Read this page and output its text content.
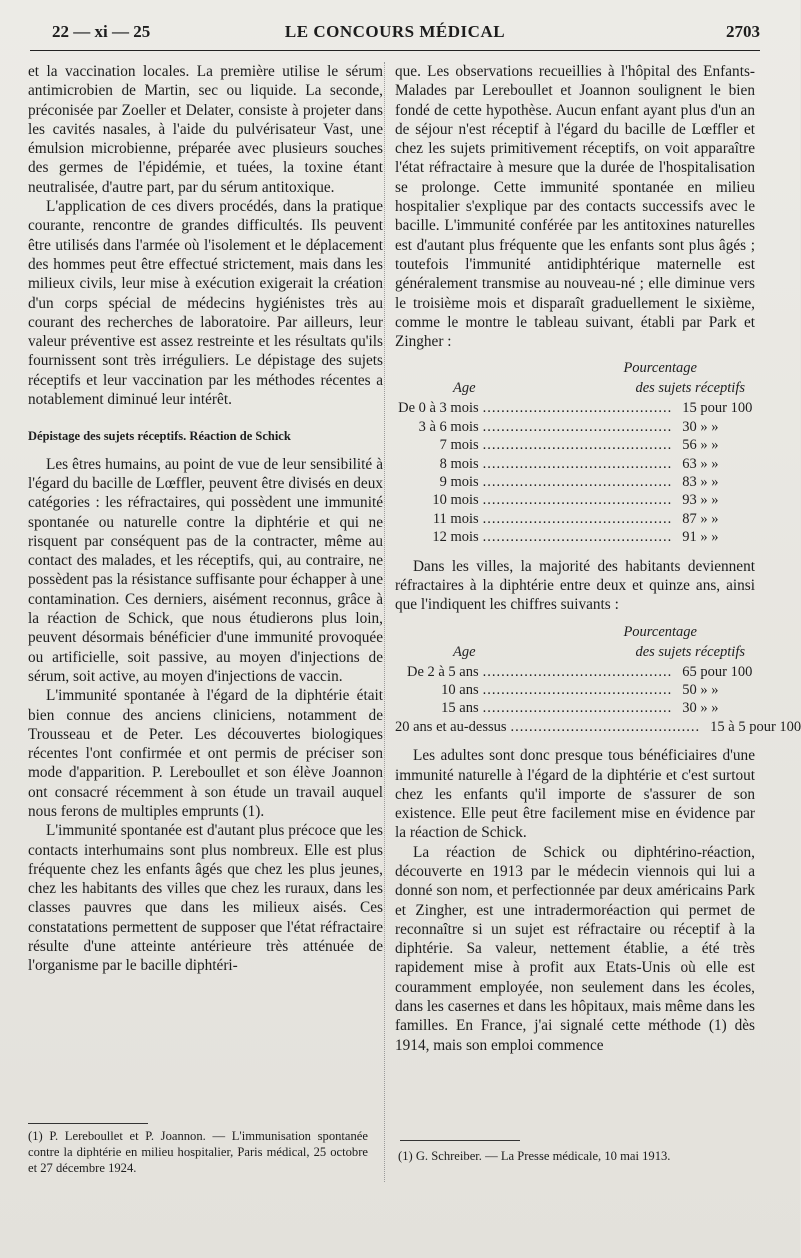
22 — xi — 25	LE CONCOURS MÉDICAL	2703

et la vaccination locales. La première utilise le sérum antimicrobien de Martin, sec ou liquide. La seconde, préconisée par Zoeller et Delater, consiste à projeter dans les cavités nasales, à l'aide du pulvérisateur Vast, une émulsion microbienne, préparée avec plusieurs souches des germes de l'épidémie, et tuées, la toxine étant neutralisée, d'autre part, par du sérum antitoxique.

L'application de ces divers procédés, dans la pratique courante, rencontre de grandes difficultés. Ils peuvent être utilisés dans l'armée où l'isolement et le déplacement des hommes peut être effectué strictement, mais dans les milieux civils, leur mise à exécution exigerait la création d'un corps spécial de médecins hygiénistes très au courant des recherches de laboratoire. Par ailleurs, leur valeur préventive est assez restreinte et les résultats qu'ils fournissent sont très irréguliers. Le dépistage des sujets réceptifs et leur vaccination par les méthodes récentes a notablement diminué leur intérêt.

Dépistage des sujets réceptifs. Réaction de Schick

Les êtres humains, au point de vue de leur sensibilité à l'égard du bacille de Lœffler, peuvent être divisés en deux catégories : les réfractaires, qui possèdent une immunité spontanée ou naturelle contre la diphtérie et qui ne risquent par conséquent pas de la contracter, même au contact des malades, et les réceptifs, qui, au contraire, ne possèdent pas la résistance suffisante pour échapper à une contamination. Ces derniers, aisément reconnus, grâce à la réaction de Schick, que nous étudierons plus loin, peuvent désormais bénéficier d'une immunité provoquée ou artificielle, soit passive, au moyen d'injections de sérum, soit active, au moyen d'injections de vaccin.

L'immunité spontanée à l'égard de la diphtérie était bien connue des anciens cliniciens, notamment de Trousseau et de Peter. Les découvertes biologiques récentes l'ont confirmée et ont permis de préciser son mode d'apparition. P. Lereboullet et son élève Joannon ont consacré récemment à son étude un travail auquel nous ferons de multiples emprunts (1).

L'immunité spontanée est d'autant plus précoce que les contacts interhumains sont plus nombreux. Elle est plus fréquente chez les enfants âgés que chez les plus jeunes, chez les habitants des villes que chez les ruraux, dans les classes pauvres que dans les milieux aisés. Ces constatations permettent de supposer que l'état réfractaire résulte d'une atteinte antérieure très atténuée de l'organisme par le bacille diphtéri-

que. Les observations recueillies à l'hôpital des Enfants-Malades par Lereboullet et Joannon soulignent le bien fondé de cette hypothèse. Aucun enfant ayant plus d'un an de séjour n'est réceptif à l'égard du bacille de Lœffler et chez les sujets primitivement réceptifs, on voit apparaître l'état réfractaire à mesure que la durée de l'hospitalisation se prolonge. Cette immunité spontanée en milieu hospitalier s'explique par des contacts successifs avec le bacille. L'immunité conférée par les antitoxines naturelles est d'autant plus fréquente que les enfants sont plus âgés ; toutefois l'immunité antidiphtérique maternelle est généralement transmise au nouveau-né ; elle diminue vers le troisième mois et disparaît graduellement le sixième, comme le montre le tableau suivant, établi par Park et Zingher :

Age
Pourcentage
des sujets réceptifs
De 0 à 3 mois ......................................... 15 pour 100
3 à 6 mois ......................................... 30 » »
7 mois ......................................... 56 » »
8 mois ......................................... 63 » »
9 mois ......................................... 83 » »
10 mois ......................................... 93 » »
11 mois ......................................... 87 » »
12 mois ......................................... 91 » »

Dans les villes, la majorité des habitants deviennent réfractaires à la diphtérie entre deux et quinze ans, ainsi que l'indiquent les chiffres suivants :

Age
Pourcentage
des sujets réceptifs
De 2 à 5 ans ......................................... 65 pour 100
10 ans ......................................... 50 » »
15 ans ......................................... 30 » »
20 ans et au-dessus ......................................... 15 à 5 pour 100

Les adultes sont donc presque tous bénéficiaires d'une immunité naturelle à l'égard de la diphtérie et c'est surtout chez les enfants qu'il importe de s'assurer de son existence. Elle peut être facilement mise en évidence par la réaction de Schick.

La réaction de Schick ou diphtérino-réaction, découverte en 1913 par le médecin viennois qui lui a donné son nom, et perfectionnée par deux américains Park et Zingher, est une intradermoréaction qui permet de reconnaître si un sujet est réfractaire ou réceptif à la diphtérie. Sa valeur, nettement établie, a été très rapidement mise à profit aux Etats-Unis où elle est couramment employée, non seulement dans les écoles, dans les casernes et dans les hôpitaux, mais même dans les familles. En France, j'ai signalé cette méthode (1) dès 1914, mais son emploi commence

(1) P. Lereboullet et P. Joannon. — L'immunisation spontanée contre la diphtérie en milieu hospitalier, Paris médical, 25 octobre et 27 décembre 1924.
(1) G. Schreiber. — La Presse médicale, 10 mai 1913.
